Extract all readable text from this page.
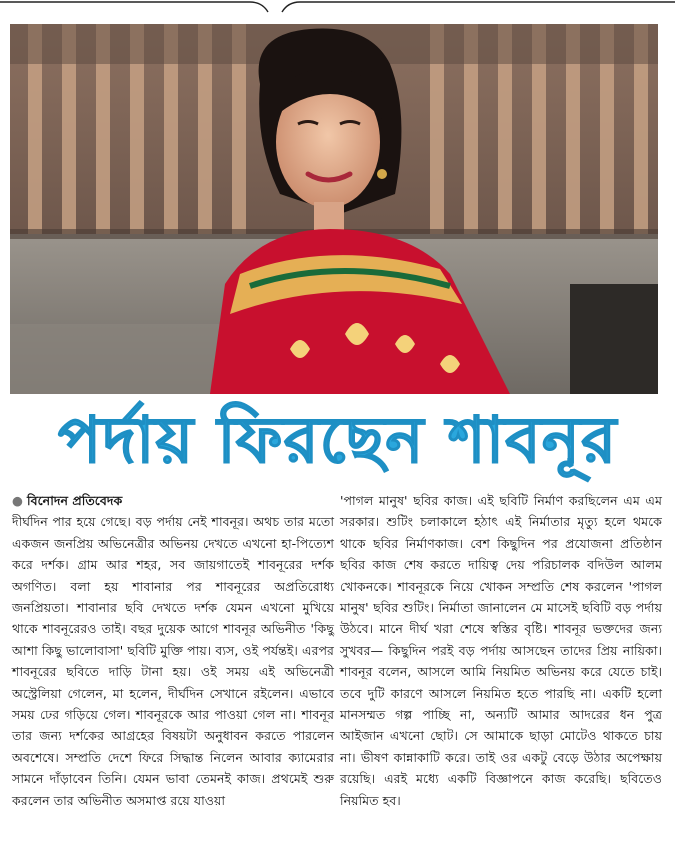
পর্দায় ফিরছেন শাবনূর
● বিনোদন প্রতিবেদক
দীর্ঘদিন পার হয়ে গেছে। বড় পর্দায় নেই শাবনূর। অথচ তার মতো একজন জনপ্রিয় অভিনেত্রীর অভিনয় দেখতে এখনো হা-পিত্যেশ করে দর্শক। গ্রাম আর শহর, সব জায়গাতেই শাবনূরের দর্শক অগণিত। বলা হয় শাবানার পর শাবনূরের অপ্রতিরোধ্য জনপ্রিয়তা। শাবানার ছবি দেখতে দর্শক যেমন এখনো মুখিয়ে থাকে শাবনূরেরও তাই। বছর দুয়েক আগে শাবনূর অভিনীত 'কিছু আশা কিছু ভালোবাসা' ছবিটি মুক্তি পায়। ব্যস, ওই পর্যন্তই। এরপর শাবনূরের ছবিতে দাড়ি টানা হয়। ওই সময় এই অভিনেত্রী অস্ট্রেলিয়া গেলেন, মা হলেন, দীর্ঘদিন সেখানে রইলেন। এভাবে সময় ঢের গড়িয়ে গেল। শাবনূরকে আর পাওয়া গেল না। শাবনূর তার জন্য দর্শকের আগ্রহের বিষয়টা অনুধাবন করতে পারলেন অবশেষে। সম্প্রতি দেশে ফিরে সিদ্ধান্ত নিলেন আবার ক্যামেরার সামনে দাঁড়াবেন তিনি। যেমন ভাবা তেমনই কাজ। প্রথমেই শুরু করলেন তার অভিনীত অসমাপ্ত রয়ে যাওয়া
'পাগল মানুষ' ছবির কাজ। এই ছবিটি নির্মাণ করছিলেন এম এম সরকার। শুটিং চলাকালে হঠাৎ এই নির্মাতার মৃত্যু হলে থমকে থাকে ছবির নির্মাণকাজ। বেশ কিছুদিন পর প্রযোজনা প্রতিষ্ঠান ছবির কাজ শেষ করতে দায়িত্ব দেয় পরিচালক বদিউল আলম খোকনকে। শাবনূরকে নিয়ে খোকন সম্প্রতি শেষ করলেন 'পাগল মানুষ' ছবির শুটিং। নির্মাতা জানালেন মে মাসেই ছবিটি বড় পর্দায় উঠবে। মানে দীর্ঘ খরা শেষে স্বস্তির বৃষ্টি। শাবনূর ভক্তদের জন্য সুখবর— কিছুদিন পরই বড় পর্দায় আসছেন তাদের প্রিয় নায়িকা। শাবনূর বলেন, আসলে আমি নিয়মিত অভিনয় করে যেতে চাই। তবে দুটি কারণে আসলে নিয়মিত হতে পারছি না। একটি হলো মানসম্মত গল্প পাচ্ছি না, অন্যটি আমার আদরের ধন পুত্র আইজান এখনো ছোট। সে আমাকে ছাড়া মোটেও থাকতে চায় না। ভীষণ কান্নাকাটি করে। তাই ওর একটু বেড়ে উঠার অপেক্ষায় রয়েছি। এরই মধ্যে একটি বিজ্ঞাপনে কাজ করেছি। ছবিতেও নিয়মিত হব।
